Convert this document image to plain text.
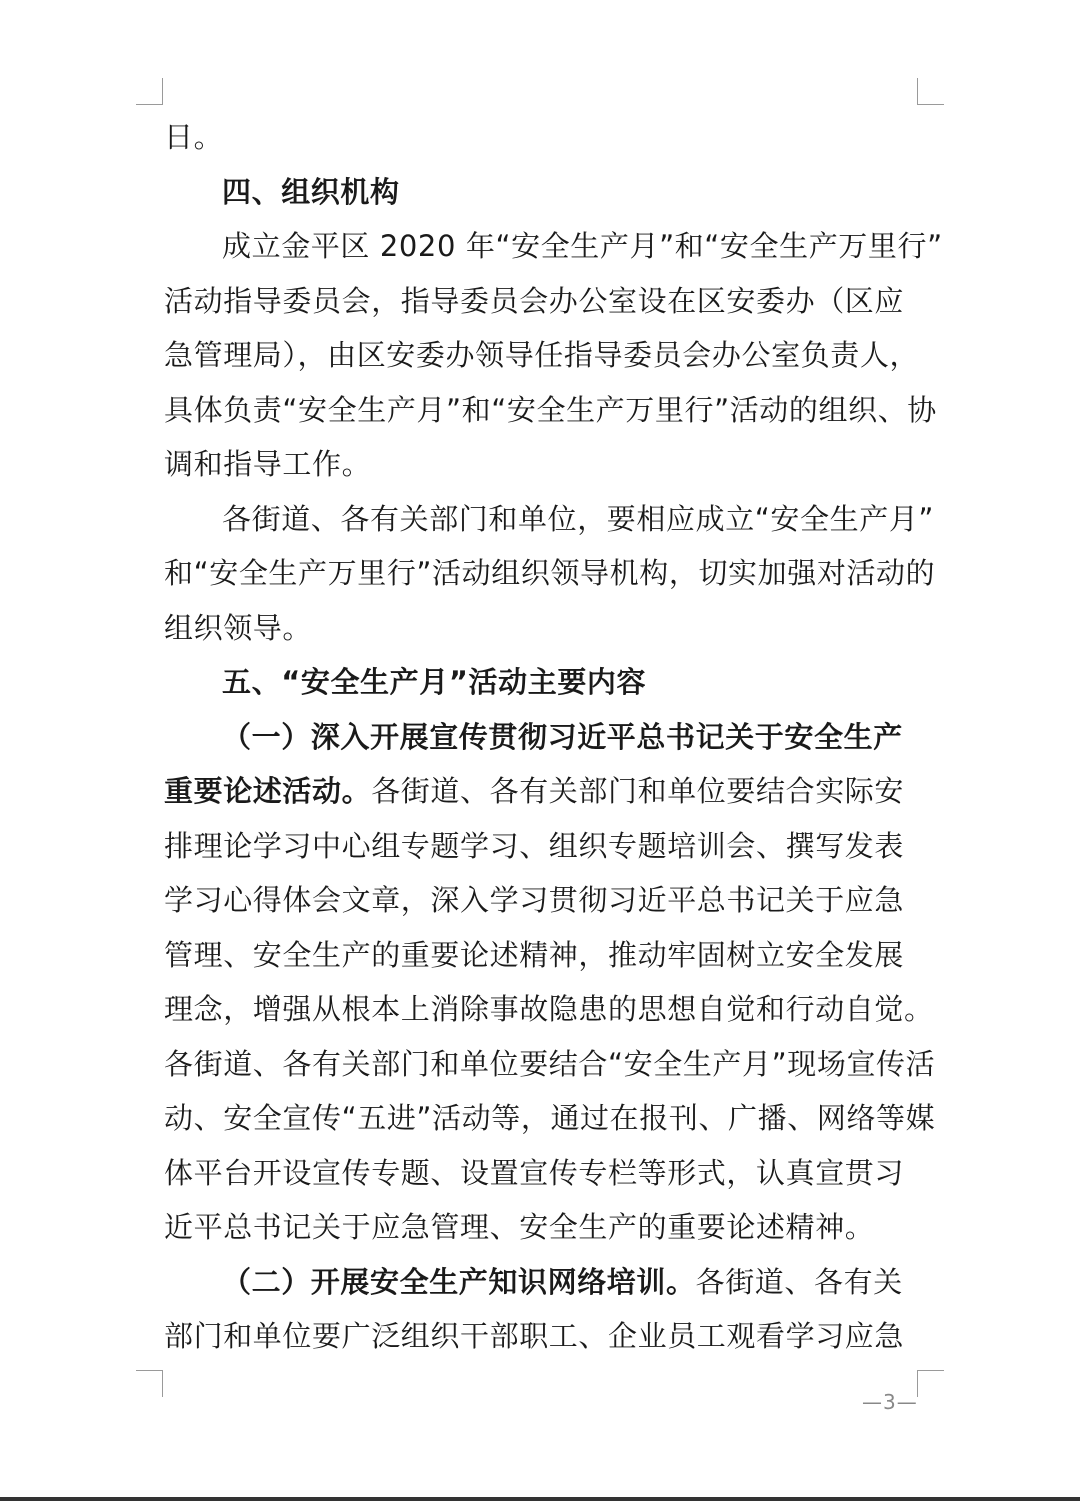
日。
四、组织机构
成立金平区 2020 年“安全生产月”和“安全生产万里行”
活动指导委员会，指导委员会办公室设在区安委办（区应
急管理局），由区安委办领导任指导委员会办公室负责人，
具体负责“安全生产月”和“安全生产万里行”活动的组织、协
调和指导工作。
各街道、各有关部门和单位，要相应成立“安全生产月”
和“安全生产万里行”活动组织领导机构，切实加强对活动的
组织领导。
五、“安全生产月”活动主要内容
（一）深入开展宣传贯彻习近平总书记关于安全生产
重要论述活动。各街道、各有关部门和单位要结合实际安
排理论学习中心组专题学习、组织专题培训会、撰写发表
学习心得体会文章，深入学习贯彻习近平总书记关于应急
管理、安全生产的重要论述精神，推动牢固树立安全发展
理念，增强从根本上消除事故隐患的思想自觉和行动自觉。
各街道、各有关部门和单位要结合“安全生产月”现场宣传活
动、安全宣传“五进”活动等，通过在报刊、广播、网络等媒
体平台开设宣传专题、设置宣传专栏等形式，认真宣贯习
近平总书记关于应急管理、安全生产的重要论述精神。
（二）开展安全生产知识网络培训。各街道、各有关
部门和单位要广泛组织干部职工、企业员工观看学习应急
—3—
